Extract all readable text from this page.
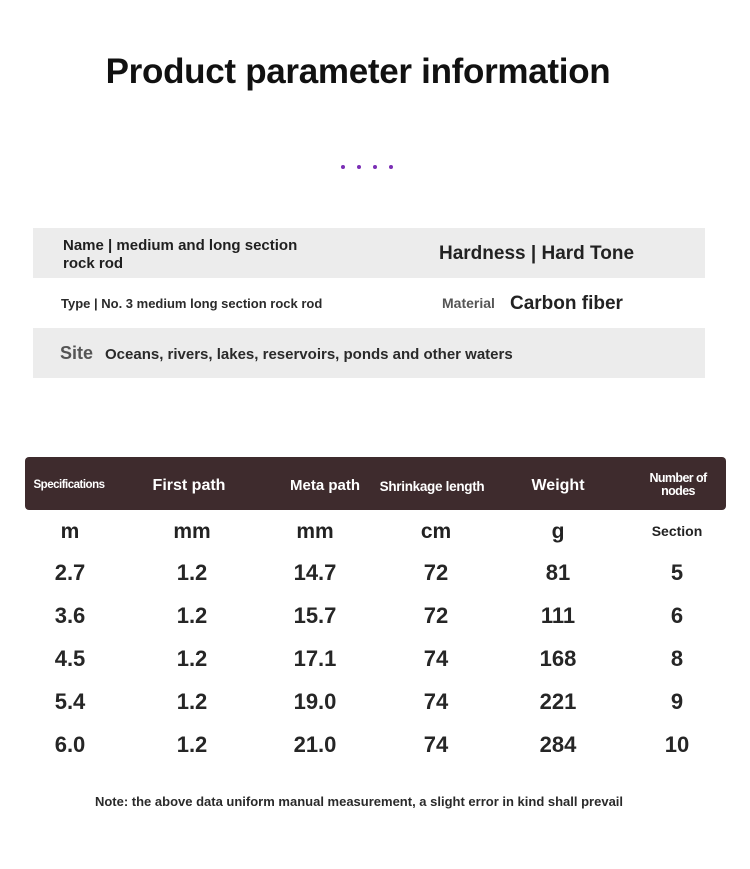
Product parameter information
Name | medium and long section
rock rod	Hardness | Hard Tone
Type | No. 3 medium long section rock rod	Material Carbon fiber
Site Oceans, rivers, lakes, reservoirs, ponds and other waters
Specifications	First path	Meta path	Shrinkage length	Weight	Number of nodes
m	mm	mm	cm	g	Section
2.7	1.2	14.7	72	81	5
3.6	1.2	15.7	72	111	6
4.5	1.2	17.1	74	168	8
5.4	1.2	19.0	74	221	9
6.0	1.2	21.0	74	284	10
Note: the above data uniform manual measurement, a slight error in kind shall prevail
